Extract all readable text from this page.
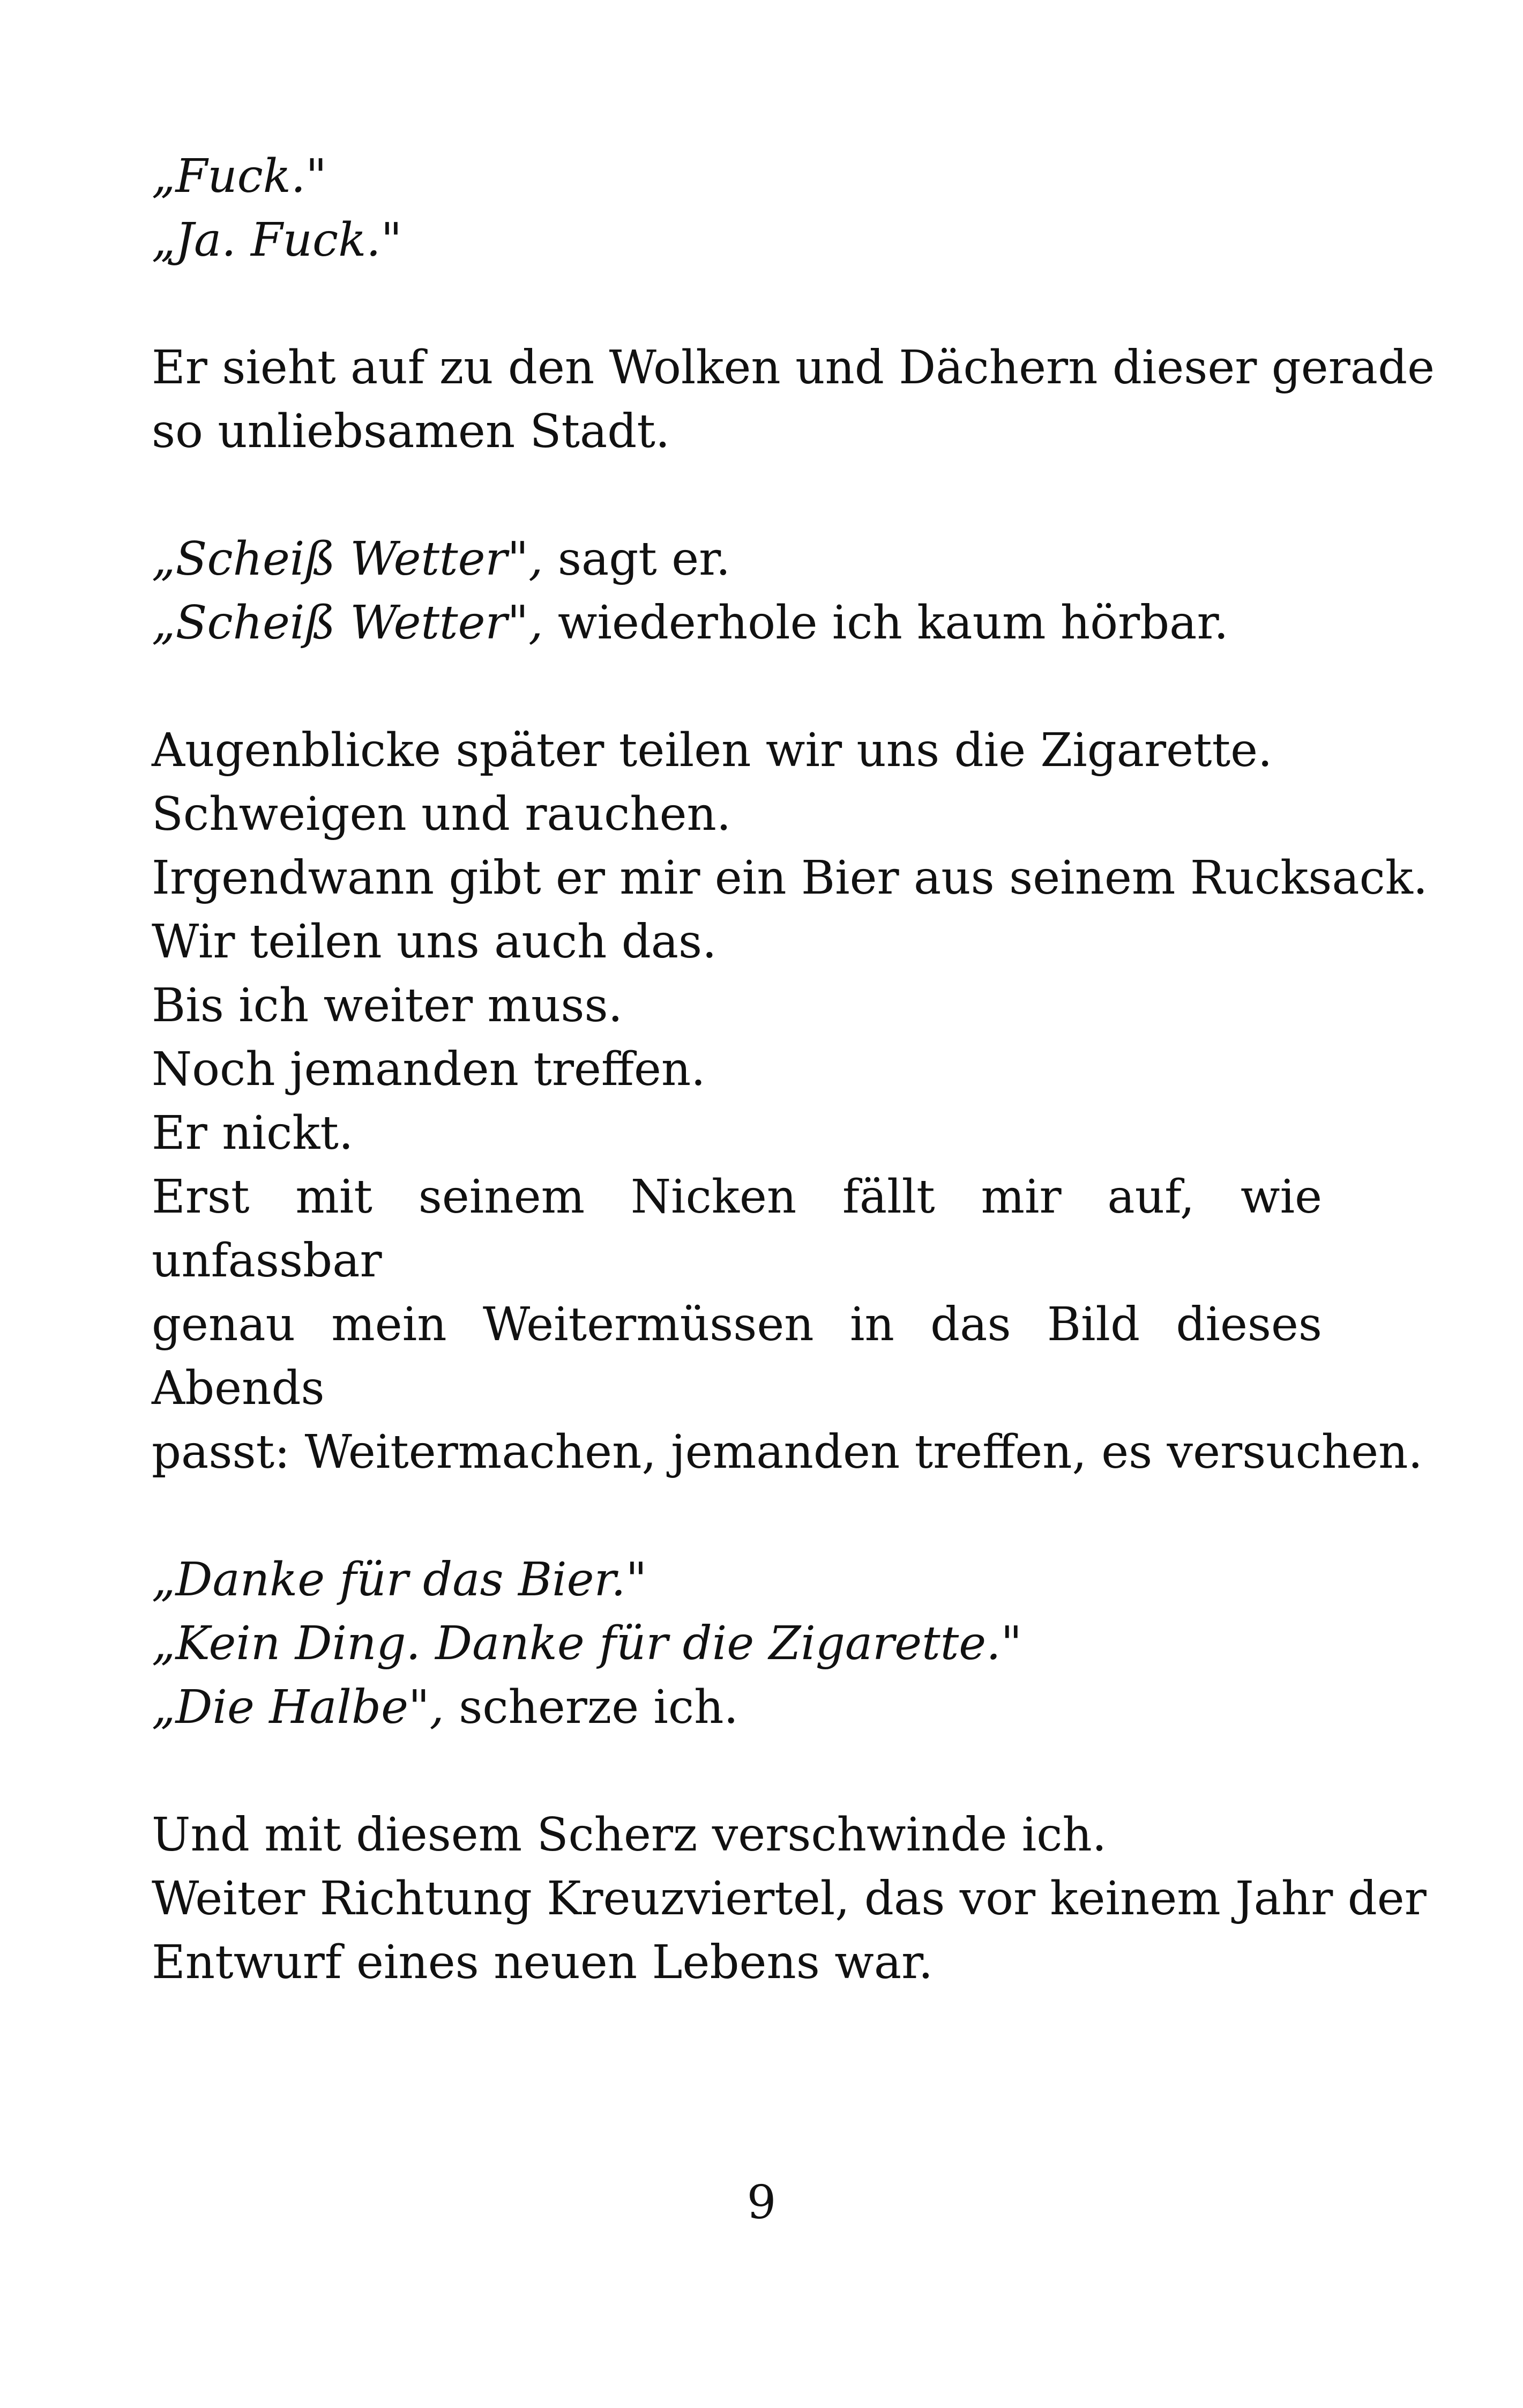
„Fuck."
„Ja. Fuck."

Er sieht auf zu den Wolken und Dächern dieser gerade
so unliebsamen Stadt.

„Scheiß Wetter", sagt er.
„Scheiß Wetter", wiederhole ich kaum hörbar.

Augenblicke später teilen wir uns die Zigarette.
Schweigen und rauchen.
Irgendwann gibt er mir ein Bier aus seinem Rucksack.
Wir teilen uns auch das.
Bis ich weiter muss.
Noch jemanden treffen.
Er nickt.
Erst mit seinem Nicken fällt mir auf, wie unfassbar
genau mein Weitermüssen in das Bild dieses Abends
passt: Weitermachen, jemanden treffen, es versuchen.

„Danke für das Bier."
„Kein Ding. Danke für die Zigarette."
„Die Halbe", scherze ich.

Und mit diesem Scherz verschwinde ich.
Weiter Richtung Kreuzviertel, das vor keinem Jahr der
Entwurf eines neuen Lebens war.

9
